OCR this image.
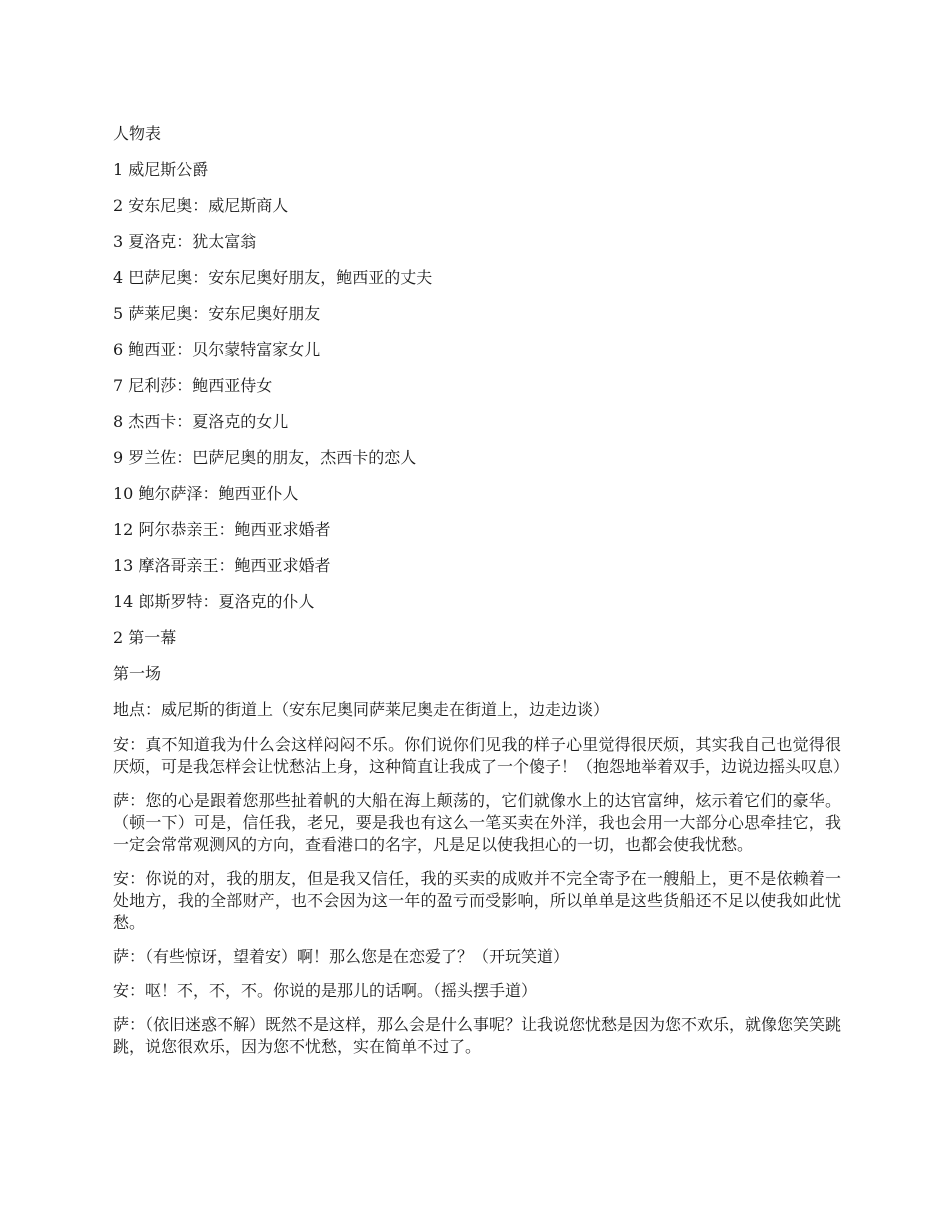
人物表

1 威尼斯公爵

2 安东尼奥：威尼斯商人

3 夏洛克：犹太富翁

4 巴萨尼奥：安东尼奥好朋友，鲍西亚的丈夫

5 萨莱尼奥：安东尼奥好朋友

6 鲍西亚：贝尔蒙特富家女儿

7 尼利莎：鲍西亚侍女

8 杰西卡：夏洛克的女儿

9 罗兰佐：巴萨尼奥的朋友，杰西卡的恋人

10 鲍尔萨泽：鲍西亚仆人

12 阿尔恭亲王：鲍西亚求婚者

13 摩洛哥亲王：鲍西亚求婚者

14 郎斯罗特：夏洛克的仆人

2 第一幕

第一场

地点：威尼斯的街道上（安东尼奥同萨莱尼奥走在街道上，边走边谈）

安：真不知道我为什么会这样闷闷不乐。你们说你们见我的样子心里觉得很厌烦，其实我自己也觉得很厌烦，可是我怎样会让忧愁沾上身，这种简直让我成了一个傻子！（抱怨地举着双手，边说边摇头叹息）

萨：您的心是跟着您那些扯着帆的大船在海上颠荡的，它们就像水上的达官富绅，炫示着它们的豪华。（顿一下）可是，信任我，老兄，要是我也有这么一笔买卖在外洋，我也会用一大部分心思牵挂它，我一定会常常观测风的方向，查看港口的名字，凡是足以使我担心的一切，也都会使我忧愁。

安：你说的对，我的朋友，但是我又信任，我的买卖的成败并不完全寄予在一艘船上，更不是依赖着一处地方，我的全部财产，也不会因为这一年的盈亏而受影响，所以单单是这些货船还不足以使我如此忧愁。

萨：（有些惊讶，望着安）啊！那么您是在恋爱了？（开玩笑道）

安：呕！不，不，不。你说的是那儿的话啊。（摇头摆手道）

萨：（依旧迷惑不解）既然不是这样，那么会是什么事呢？让我说您忧愁是因为您不欢乐，就像您笑笑跳跳，说您很欢乐，因为您不忧愁，实在简单不过了。
